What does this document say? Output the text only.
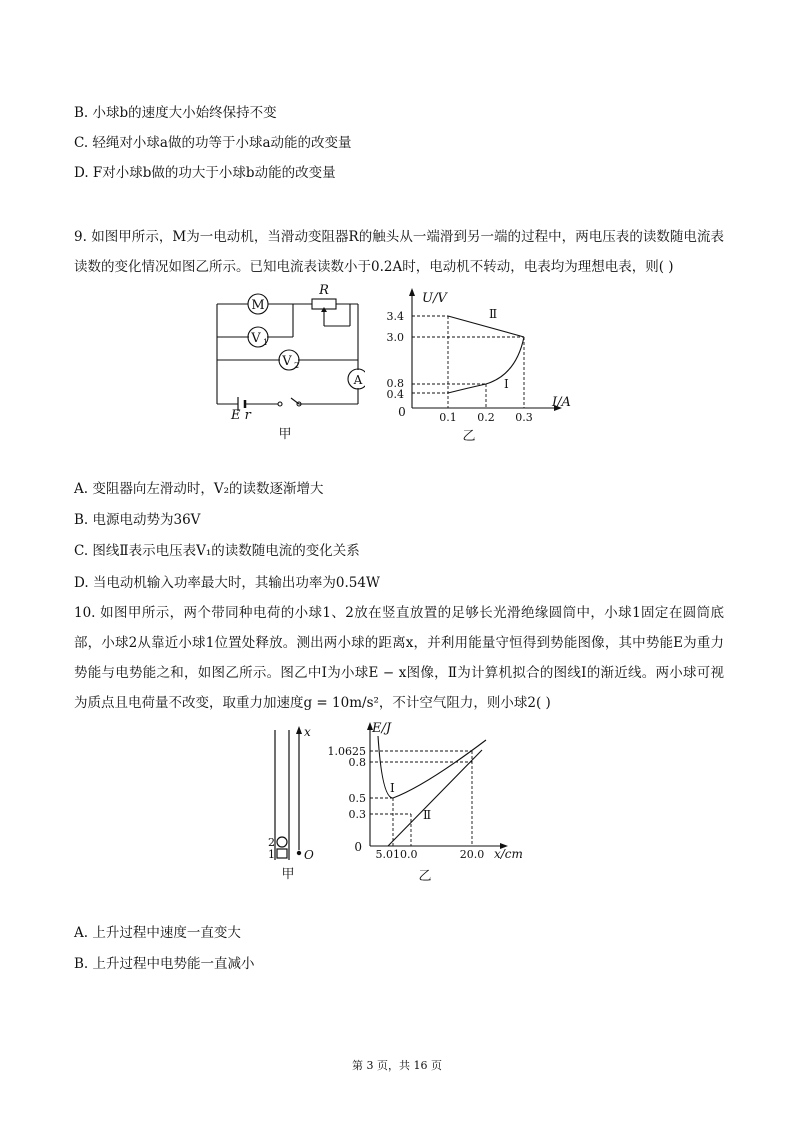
B. 小球b的速度大小始终保持不变
C. 轻绳对小球a做的功等于小球a动能的改变量
D. F对小球b做的功大于小球b动能的改变量
9. 如图甲所示，M为一电动机，当滑动变阻器R的触头从一端滑到另一端的过程中，两电压表的读数随电流表读数的变化情况如图乙所示。已知电流表读数小于0.2A时，电动机不转动，电表均为理想电表，则( )
M
R
V 1
V 2
A
E r
甲
U/V
I/A
0
3.4
3.0
0.8
0.4
0.1 0.2 0.3
Ⅱ
Ⅰ
乙
A. 变阻器向左滑动时，V₂的读数逐渐增大
B. 电源电动势为36V
C. 图线Ⅱ表示电压表V₁的读数随电流的变化关系
D. 当电动机输入功率最大时，其输出功率为0.54W
10. 如图甲所示，两个带同种电荷的小球1、2放在竖直放置的足够长光滑绝缘圆筒中，小球1固定在圆筒底部，小球2从靠近小球1位置处释放。测出两小球的距离x，并利用能量守恒得到势能图像，其中势能E为重力势能与电势能之和，如图乙所示。图乙中Ⅰ为小球E − x图像，Ⅱ为计算机拟合的图线Ⅰ的渐近线。两小球可视为质点且电荷量不改变，取重力加速度g = 10m/s²，不计空气阻力，则小球2( )
x
2
1 O
甲
E/J
x/cm
0
1.0625
0.8
0.5
0.3
5.0 10.0	20.0
Ⅰ
Ⅱ
乙
A. 上升过程中速度一直变大
B. 上升过程中电势能一直减小
第 3 页，共 16 页
